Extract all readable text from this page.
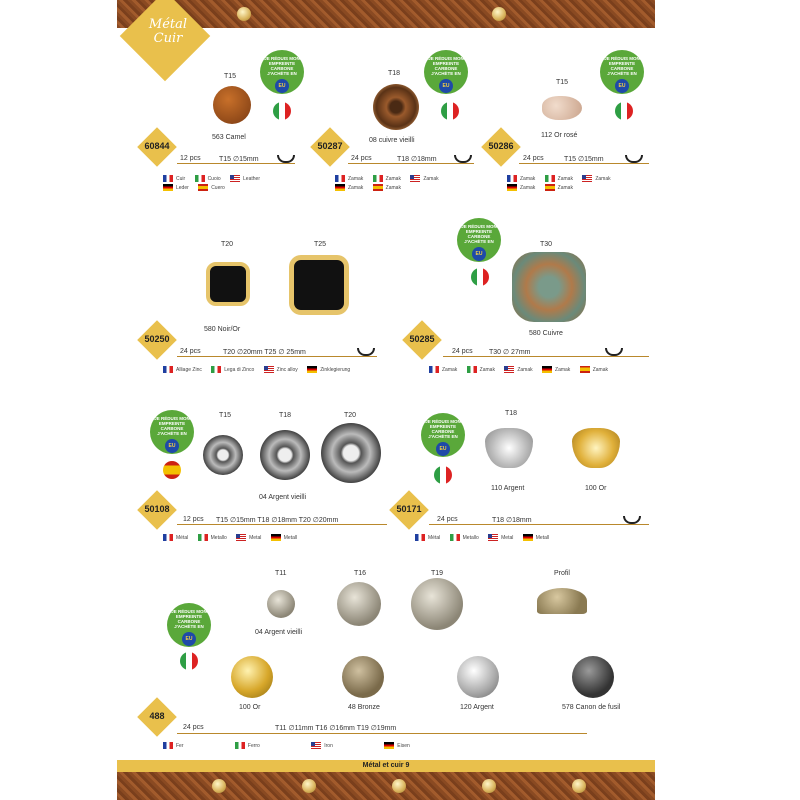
Métal Cuir
JE RÉDUIS MON EMPREINTE CARBONE J'ACHÈTE EN
EU
T15
563 Camel
60844
12 pcs	T15 ∅15mm
Cuir
	Cuoio
	Leather

Leder
	Cuero
JE RÉDUIS MON EMPREINTE CARBONE J'ACHÈTE EN
EU
T18
08 cuivre vieilli
50287
24 pcs	T18 ∅18mm
Zamak
	Zamak
	Zamak

Zamak
	Zamak
JE RÉDUIS MON EMPREINTE CARBONE J'ACHÈTE EN
EU
T15
112 Or rosé
50286
24 pcs	T15 ∅15mm
Zamak
	Zamak
	Zamak

Zamak
	Zamak
T20	T25
580 Noir/Or
50250
24 pcs	T20 ∅20mm T25 ∅ 25mm
Alliage Zinc
	Lega di Zinco
	Zinc alloy
	Zinklegierung
JE RÉDUIS MON EMPREINTE CARBONE J'ACHÈTE EN
EU
T30
580 Cuivre
50285
24 pcs T30 ∅ 27mm
Zamak
	Zamak
	Zamak
	Zamak
	Zamak
JE RÉDUIS MON EMPREINTE CARBONE J'ACHÈTE EN
EU
T15	T18	T20
04 Argent vieilli
50108
12 pcs T15 ∅15mm T18 ∅18mm T20 ∅20mm
Métal
	Metallo
	Metal
	Metall
JE RÉDUIS MON EMPREINTE CARBONE J'ACHÈTE EN
EU
T18
110 Argent	100 Or
50171
24 pcs	T18 ∅18mm
Métal
	Metallo
	Metal
	Metall
JE RÉDUIS MON EMPREINTE CARBONE J'ACHÈTE EN
EU
T11	T16	T19	Profil
04 Argent vieilli
100 Or	48 Bronze	120 Argent	578 Canon de fusil
488
24 pcs	T11 ∅11mm T16 ∅16mm T19 ∅19mm
Fer
	Ferro
	Iron
	Eisen
Métal et cuir 9
